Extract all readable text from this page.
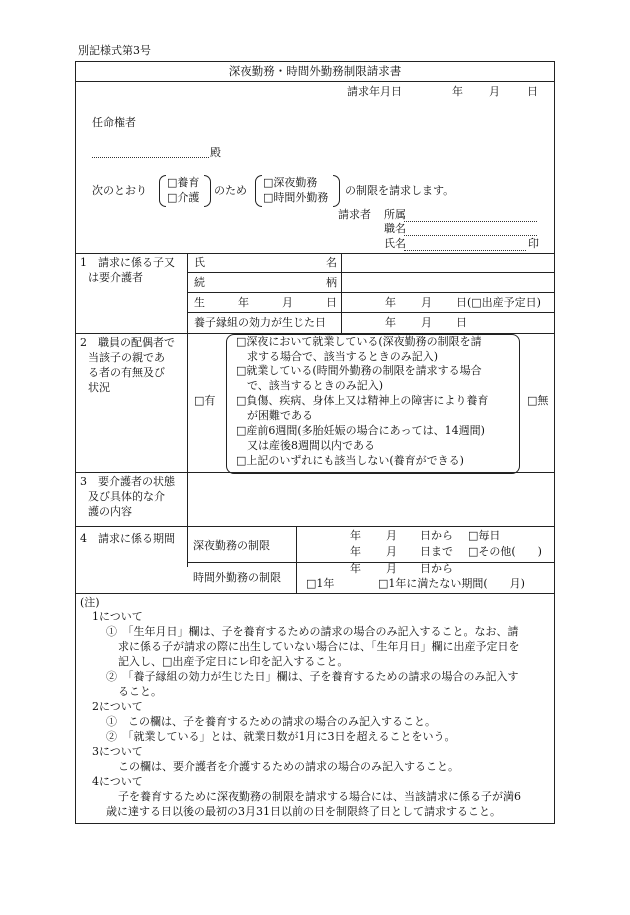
別記様式第3号
深夜勤務・時間外勤務制限請求書
請求年月日	年 月 日
任命権者
殿
次のとおり
□養育
□介護
のため
□深夜勤務
□時間外勤務
の制限を請求します。
請求者 所属
職名
氏名	印
1　請求に係る子又
は要介護者
氏	名
続	柄
生	年	月	日	年 月 日(□出産予定日)
養子縁組の効力が生じた日	年 月 日
2　職員の配偶者で
当該子の親であ
る者の有無及び
状況
□有	□無
□深夜において就業している(深夜勤務の制限を請
求する場合で、該当するときのみ記入)
□就業している(時間外勤務の制限を請求する場合
で、該当するときのみ記入)
□負傷、疾病、身体上又は精神上の障害により養育
が困難である
□産前6週間(多胎妊娠の場合にあっては、14週間)
又は産後8週間以内である
□上記のいずれにも該当しない(養育ができる)
3　要介護者の状態
及び具体的な介
護の内容
4　請求に係る期間
深夜勤務の制限
年 月 日から □毎日
年 月 日まで □その他(　　)
時間外勤務の制限
年 月 日から
□1年	□1年に満たない期間(　　月)
(注)
1について
①　「生年月日」欄は、子を養育するための請求の場合のみ記入すること。なお、請
求に係る子が請求の際に出生していない場合には、「生年月日」欄に出産予定日を
記入し、□出産予定日にレ印を記入すること。
②　「養子縁組の効力が生じた日」欄は、子を養育するための請求の場合のみ記入す
ること。
2について
①　この欄は、子を養育するための請求の場合のみ記入すること。
②　「就業している」とは、就業日数が1月に3日を超えることをいう。
3について
この欄は、要介護者を介護するための請求の場合のみ記入すること。
4について
子を養育するために深夜勤務の制限を請求する場合には、当該請求に係る子が満6
歳に達する日以後の最初の3月31日以前の日を制限終了日として請求すること。
